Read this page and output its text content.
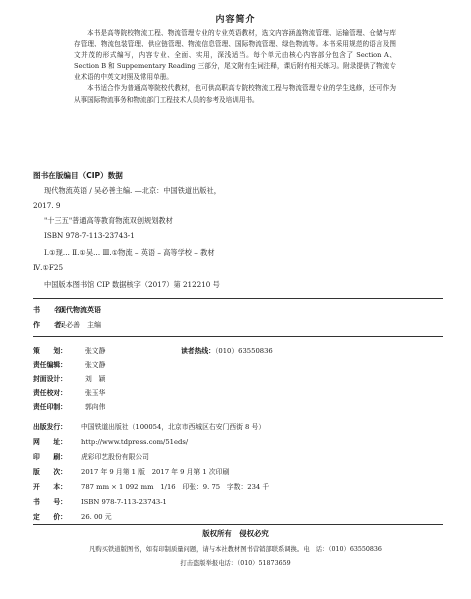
内容简介

本书是高等院校物流工程、物流管理专业的专业英语教材，选文内容涵盖物流管理、运输管理、仓储与库存管理、物流包装管理、供应链管理、物流信息管理、国际物流管理、绿色物流等。本书采用规范的语言及图文并茂的形式编写，内容专业、全面、实用，深浅适当。每个单元由核心内容部分包含了 Section A、Section B 和 Suppementary Reading 三部分，尾文附有生词注释，课后附有相关练习。附录提供了物流专业术语的中英文对照及常用单册。

本书适合作为普通高等院校代教材，也可供高职高专院校物流工程与物流管理专业的学生选修，还可作为从事国际物流事务和物流部门工程技术人员的参考及培训用书。

图书在版编目（CIP）数据
现代物流英语 / 吴必善主编. —北京：中国铁道出版社，
2017. 9
"十三五"普通高等教育物流双创规划教材
ISBN 978-7-113-23743-1
Ⅰ.①现… Ⅱ.①吴… Ⅲ.①物流 – 英语 – 高等学校 – 教材
Ⅳ.①F25
中国版本图书馆 CIP 数据核字（2017）第 212210 号
书　　名：现代物流英语
作　　者：吴必善　主编
策　　划：	张文静	读者热线：（010）63550836
责任编辑：	张文静
封面设计：	刘　颖
责任校对：	张玉华
责任印制：	郭向伟
出版发行： 中国铁道出版社（100054，北京市西城区右安门西街 8 号）
网　　址： http://www.tdpress.com/51eds/
印　　刷： 虎彩印艺股份有限公司
版　　次： 2017 年 9 月第 1 版　2017 年 9 月第 1 次印刷
开　　本： 787 mm × 1 092 mm　1/16　印张：9. 75　字数：234 千
书　　号： ISBN 978-7-113-23743-1
定　　价： 26. 00 元
版权所有　侵权必究
凡购买铁道版图书，如有印制质量问题，请与本社教材图书营销部联系调换。电　话：（010）63550836
打击盗版举报电话：（010）51873659
